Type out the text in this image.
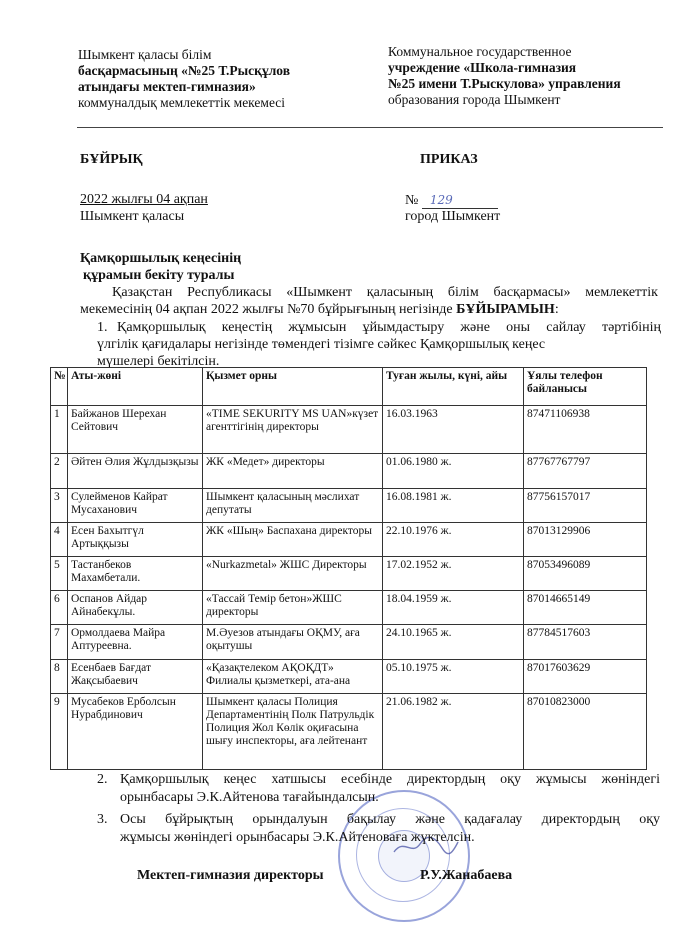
Шымкент қаласы білім
басқармасының «№25 Т.Рысқұлов
атындағы мектеп-гимназия»
коммуналдық мемлекеттік мекемесі
Коммунальное государственное
учреждение «Школа-гимназия
№25 имени Т.Рыскулова» управления
образования города Шымкент
БҰЙРЫҚ	ПРИКАЗ
2022 жылғы 04 ақпан
Шымкент қаласы
№ 129
город Шымкент
Қамқоршылық кеңесінің
құрамын бекіту туралы
Қазақстан Республикасы «Шымкент қаласының білім басқармасы» мемлекеттік
мекемесінің 04 ақпан 2022 жылғы №70 бұйрығының негізінде БҰЙЫРАМЫН:
1. Қамқоршылық кеңестің жұмысын ұйымдастыру және оны сайлау тәртібінің
үлгілік қағидалары негізінде төмендегі тізімге сәйкес Қамқоршылық кеңес
мүшелері бекітілсін.
№	Аты-жөні	Қызмет орны	Туған жылы, күні, айы	Ұялы телефон байланысы
1	Байжанов Шерехан Сейтович	«TIME SEKURITY MS UAN»күзет агенттігінің директоры	16.03.1963	87471106938
2	Әйтен Әлия Жұлдызқызы	ЖК «Медет» директоры	01.06.1980 ж.	87767767797
3	Сулейменов Кайрат Мусаханович	Шымкент қаласының мәслихат депутаты	16.08.1981 ж.	87756157017
4	Есен Бахытгүл Артыққызы	ЖК «Шың» Баспахана директоры	22.10.1976 ж.	87013129906
5	Тастанбеков Махамбетали.	«Nurkazmetal» ЖШС Директоры	17.02.1952 ж.	87053496089
6	Оспанов Айдар Айнабекұлы.	«Тассай Темір бетон»ЖШС директоры	18.04.1959 ж.	87014665149
7	Ормолдаева Майра Аптуреевна.	М.Әуезов атындағы ОҚМУ, аға оқытушы	24.10.1965 ж.	87784517603
8	Есенбаев Бағдат Жақсыбаевич	«Қазақтелеком АҚОҚДТ» Филиалы қызметкері, ата-ана	05.10.1975 ж.	87017603629
9	Мусабеков Ерболсын Нурабдинович	Шымкент қаласы Полиция Департаментінің Полк Патрульдік Полиция Жол Көлік оқиғасына шығу инспекторы, аға лейтенант	21.06.1982 ж.	87010823000
2. Қамқоршылық кеңес хатшысы есебінде директордың оқу жұмысы жөніндегі
орынбасары Э.К.Айтенова тағайындалсын.
3. Осы бұйрықтың орындалуын бақылау және қадағалау директордың оқу
жұмысы жөніндегі орынбасары Э.К.Айтеноваға жүктелсін.
Мектеп-гимназия директоры	Р.У.Жанабаева
